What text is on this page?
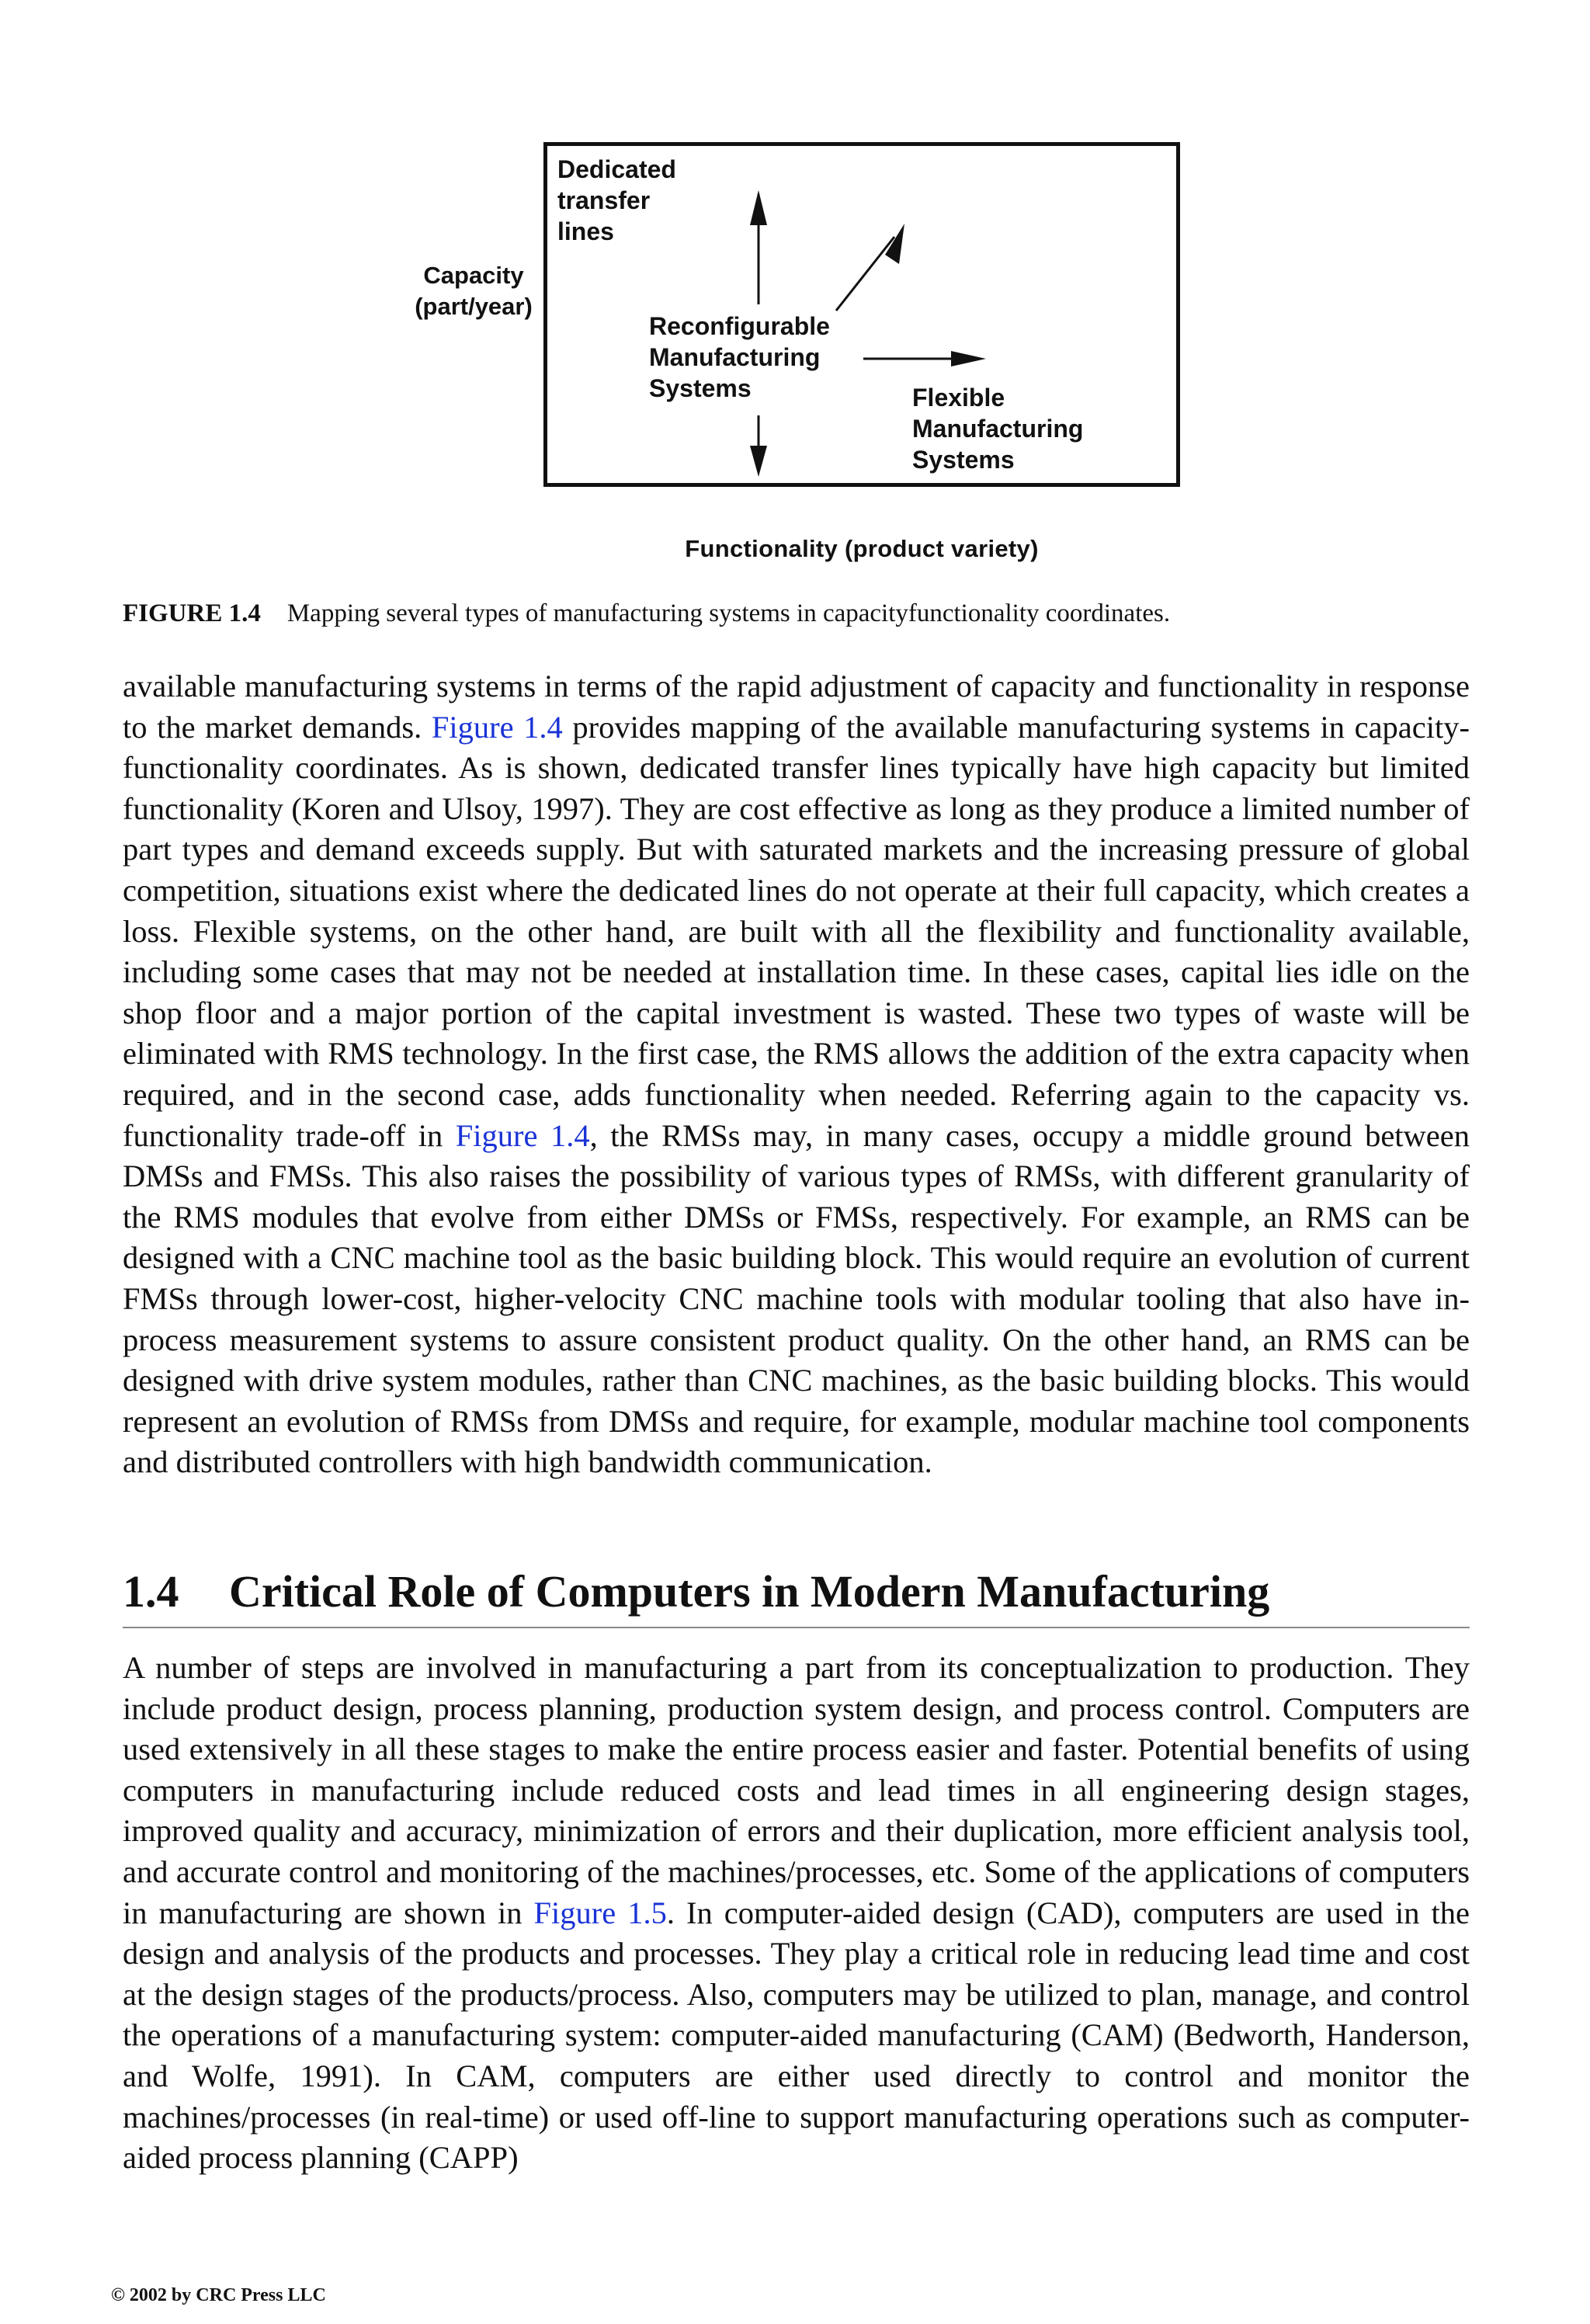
Dedicated
transfer
lines
Reconfigurable
Manufacturing
Systems	Flexible
Manufacturing
Systems
Capacity
(part/year)
Functionality (product variety)
FIGURE 1.4 Mapping several types of manufacturing systems in capacityfunctionality coordinates.

available manufacturing systems in terms of the rapid adjustment of capacity and functionality in response to the market demands. Figure 1.4 provides mapping of the available manufacturing systems in capacity-functionality coordinates. As is shown, dedicated transfer lines typically have high capacity but limited functionality (Koren and Ulsoy, 1997). They are cost effective as long as they produce a limited number of part types and demand exceeds supply. But with saturated markets and the increasing pressure of global competition, situations exist where the dedicated lines do not operate at their full capacity, which creates a loss. Flexible systems, on the other hand, are built with all the flexibility and functionality available, including some cases that may not be needed at installation time. In these cases, capital lies idle on the shop floor and a major portion of the capital investment is wasted. These two types of waste will be eliminated with RMS technology. In the first case, the RMS allows the addition of the extra capacity when required, and in the second case, adds functionality when needed. Referring again to the capacity vs. functionality trade-off in Figure 1.4, the RMSs may, in many cases, occupy a middle ground between DMSs and FMSs. This also raises the possibility of various types of RMSs, with different granularity of the RMS modules that evolve from either DMSs or FMSs, respectively. For example, an RMS can be designed with a CNC machine tool as the basic building block. This would require an evolution of current FMSs through lower-cost, higher-velocity CNC machine tools with modular tooling that also have in-process measurement systems to assure consistent product quality. On the other hand, an RMS can be designed with drive system modules, rather than CNC machines, as the basic building blocks. This would represent an evolution of RMSs from DMSs and require, for example, modular machine tool components and distributed controllers with high bandwidth communication.

1.4 Critical Role of Computers in Modern Manufacturing

A number of steps are involved in manufacturing a part from its conceptualization to production. They include product design, process planning, production system design, and process control. Computers are used extensively in all these stages to make the entire process easier and faster. Potential benefits of using computers in manufacturing include reduced costs and lead times in all engineering design stages, improved quality and accuracy, minimization of errors and their duplication, more efficient analysis tool, and accurate control and monitoring of the machines/processes, etc. Some of the applications of computers in manufacturing are shown in Figure 1.5. In computer-aided design (CAD), computers are used in the design and analysis of the products and processes. They play a critical role in reducing lead time and cost at the design stages of the products/process. Also, computers may be utilized to plan, manage, and control the operations of a manufacturing system: computer-aided manufacturing (CAM) (Bedworth, Handerson, and Wolfe, 1991). In CAM, computers are either used directly to control and monitor the machines/processes (in real-time) or used off-line to support manufacturing operations such as computer-aided process planning (CAPP)

© 2002 by CRC Press LLC
